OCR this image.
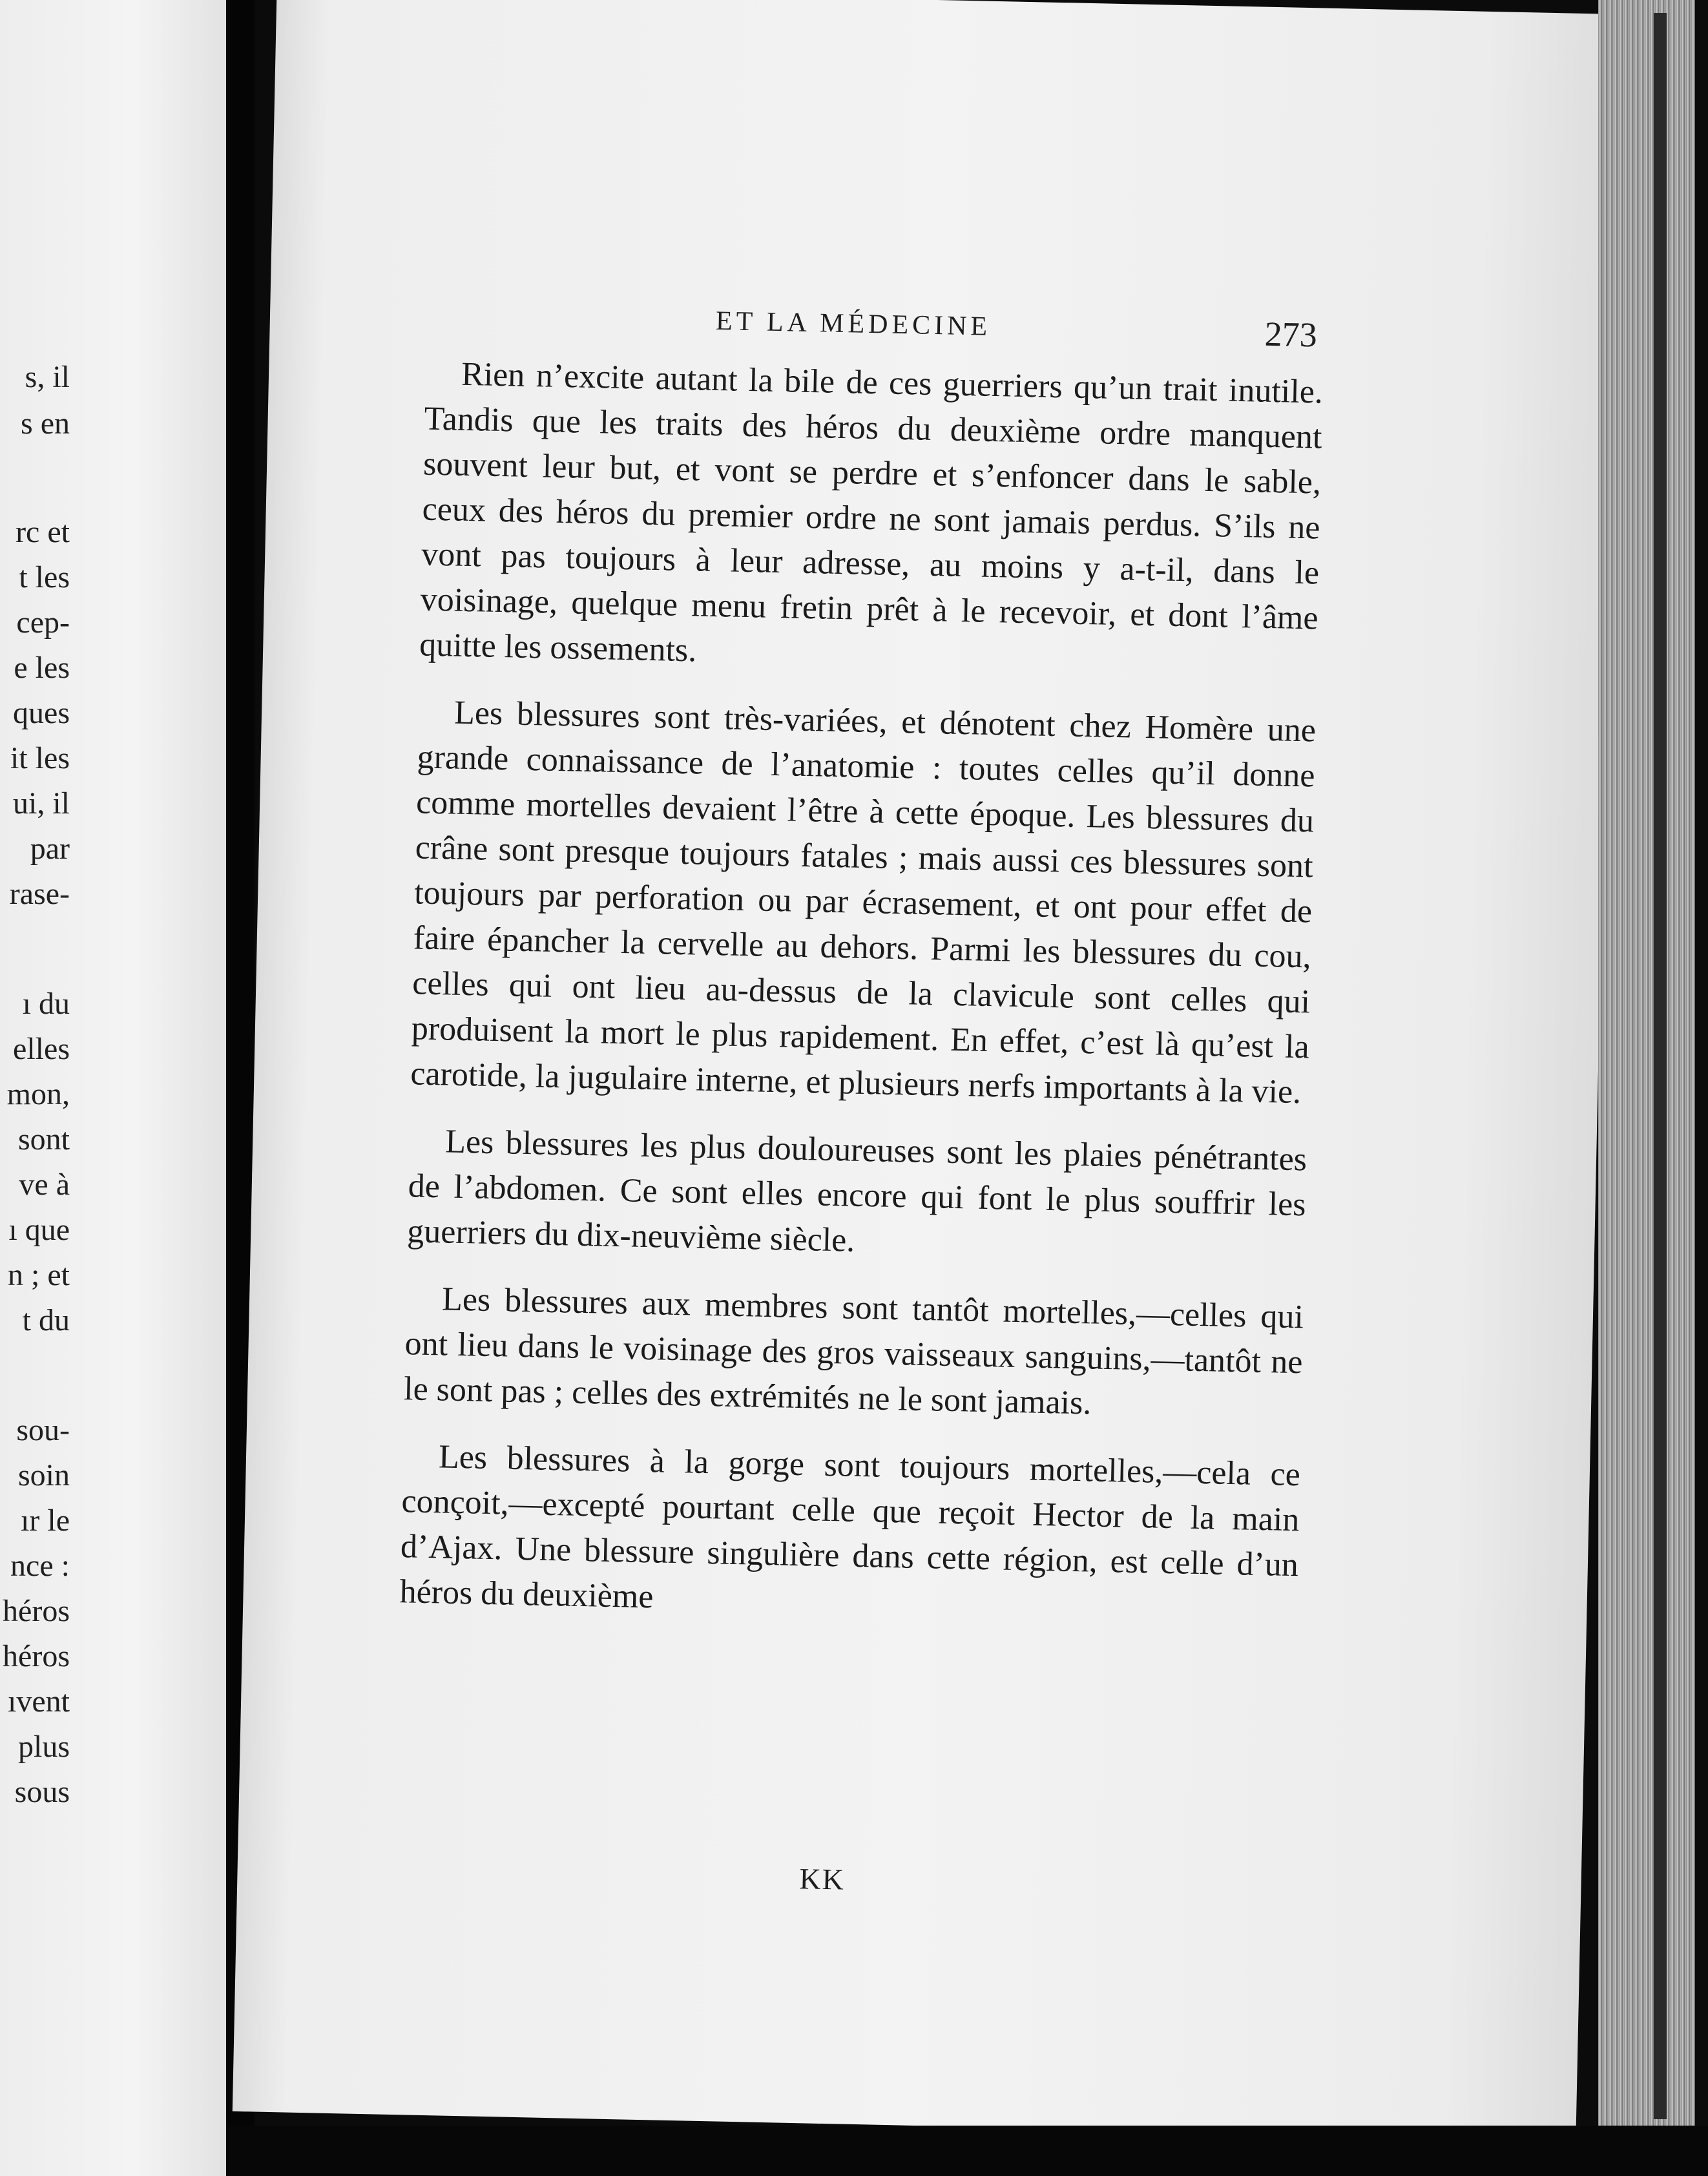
s, il
s en
rc et
t les
cep-
e les
ques
it les
ui, il
par
rase-
ı du
elles
mon,
sont
ve à
ı que
n ; et
t du
sou-
soin
ır le
nce :
héros
héros
ıvent
plus
sous
ET LA MÉDECINE	273

Rien n’excite autant la bile de ces guerriers qu’un trait inutile. Tandis que les traits des héros du deuxième ordre manquent souvent leur but, et vont se perdre et s’enfoncer dans le sable, ceux des héros du premier ordre ne sont jamais perdus. S’ils ne vont pas toujours à leur adresse, au moins y a-t-il, dans le voisinage, quelque menu fretin prêt à le recevoir, et dont l’âme quitte les ossements.

Les blessures sont très-variées, et dénotent chez Homère une grande connaissance de l’anatomie : toutes celles qu’il donne comme mortelles devaient l’être à cette époque. Les blessures du crâne sont presque toujours fatales ; mais aussi ces blessures sont toujours par perforation ou par écrasement, et ont pour effet de faire épancher la cervelle au dehors. Parmi les blessures du cou, celles qui ont lieu au-dessus de la clavicule sont celles qui produisent la mort le plus rapidement. En effet, c’est là qu’est la carotide, la jugulaire interne, et plusieurs nerfs importants à la vie.

Les blessures les plus douloureuses sont les plaies pénétrantes de l’abdomen. Ce sont elles encore qui font le plus souffrir les guerriers du dix-neuvième siècle.

Les blessures aux membres sont tantôt mortelles,—celles qui ont lieu dans le voisinage des gros vaisseaux sanguins,—tantôt ne le sont pas ; celles des extrémités ne le sont jamais.

Les blessures à la gorge sont toujours mortelles,—cela ce conçoit,—excepté pourtant celle que reçoit Hector de la main d’Ajax. Une blessure singulière dans cette région, est celle d’un héros du deuxième

KK
